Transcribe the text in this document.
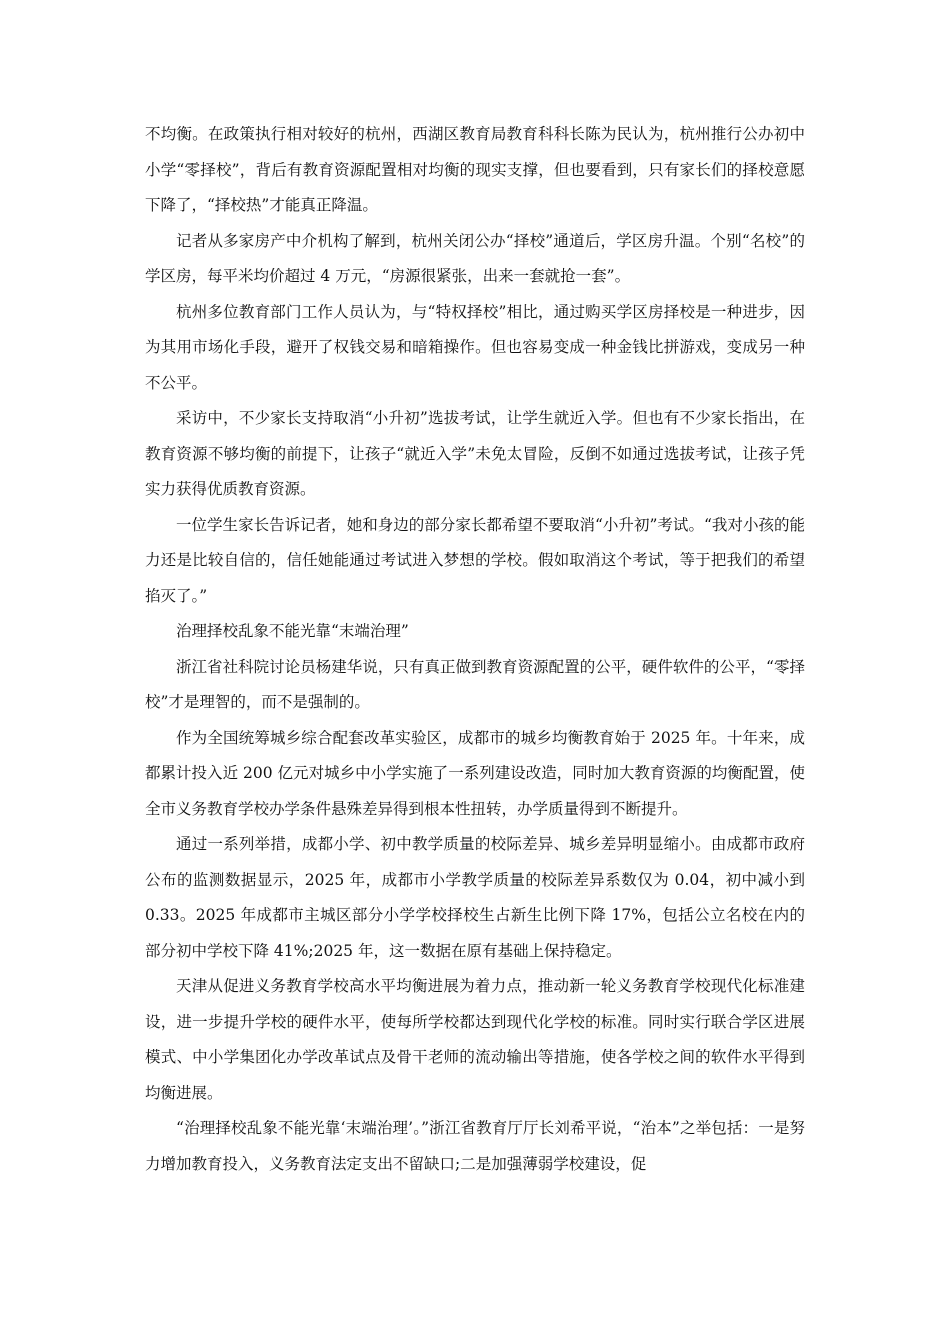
不均衡。在政策执行相对较好的杭州，西湖区教育局教育科科长陈为民认为，杭州推行公办初中小学“零择校”，背后有教育资源配置相对均衡的现实支撑，但也要看到，只有家长们的择校意愿下降了，“择校热”才能真正降温。

记者从多家房产中介机构了解到，杭州关闭公办“择校”通道后，学区房升温。个别“名校”的学区房，每平米均价超过 4 万元，“房源很紧张，出来一套就抢一套”。

杭州多位教育部门工作人员认为，与“特权择校”相比，通过购买学区房择校是一种进步，因为其用市场化手段，避开了权钱交易和暗箱操作。但也容易变成一种金钱比拼游戏，变成另一种不公平。

采访中，不少家长支持取消“小升初”选拔考试，让学生就近入学。但也有不少家长指出，在教育资源不够均衡的前提下，让孩子“就近入学”未免太冒险，反倒不如通过选拔考试，让孩子凭实力获得优质教育资源。

一位学生家长告诉记者，她和身边的部分家长都希望不要取消“小升初”考试。“我对小孩的能力还是比较自信的，信任她能通过考试进入梦想的学校。假如取消这个考试，等于把我们的希望掐灭了。”

治理择校乱象不能光靠“末端治理”

浙江省社科院讨论员杨建华说，只有真正做到教育资源配置的公平，硬件软件的公平，“零择校”才是理智的，而不是强制的。

作为全国统筹城乡综合配套改革实验区，成都市的城乡均衡教育始于 2025 年。十年来，成都累计投入近 200 亿元对城乡中小学实施了一系列建设改造，同时加大教育资源的均衡配置，使全市义务教育学校办学条件悬殊差异得到根本性扭转，办学质量得到不断提升。

通过一系列举措，成都小学、初中教学质量的校际差异、城乡差异明显缩小。由成都市政府公布的监测数据显示，2025 年，成都市小学教学质量的校际差异系数仅为 0.04，初中减小到 0.33。2025 年成都市主城区部分小学学校择校生占新生比例下降 17%，包括公立名校在内的部分初中学校下降 41%;2025 年，这一数据在原有基础上保持稳定。

天津从促进义务教育学校高水平均衡进展为着力点，推动新一轮义务教育学校现代化标准建设，进一步提升学校的硬件水平，使每所学校都达到现代化学校的标准。同时实行联合学区进展模式、中小学集团化办学改革试点及骨干老师的流动输出等措施，使各学校之间的软件水平得到均衡进展。

“治理择校乱象不能光靠‘末端治理’。”浙江省教育厅厅长刘希平说，“治本”之举包括：一是努力增加教育投入，义务教育法定支出不留缺口;二是加强薄弱学校建设，促
